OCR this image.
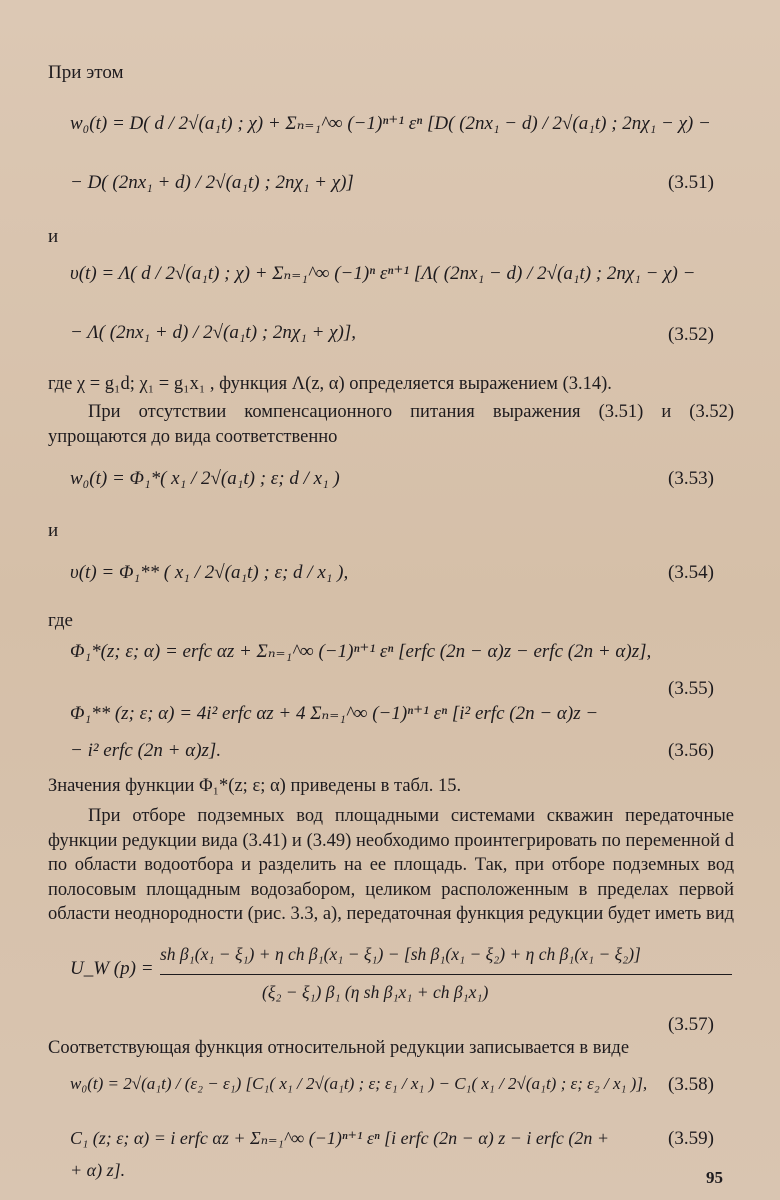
При этом
w₀(t) = D( d / 2√(a₁t) ; χ) + Σₙ₌₁^∞ (−1)ⁿ⁺¹ εⁿ [D( (2nx₁ − d) / 2√(a₁t) ; 2nχ₁ − χ) −
− D( (2nx₁ + d) / 2√(a₁t) ; 2nχ₁ + χ)]	(3.51)
и
υ(t) = Λ( d / 2√(a₁t) ; χ) + Σₙ₌₁^∞ (−1)ⁿ εⁿ⁺¹ [Λ( (2nx₁ − d) / 2√(a₁t) ; 2nχ₁ − χ) −
− Λ( (2nx₁ + d) / 2√(a₁t) ; 2nχ₁ + χ)],	(3.52)
где χ = g₁d; χ₁ = g₁x₁ , функция Λ(z, α) определяется выражением (3.14).
При отсутствии компенсационного питания выражения (3.51) и (3.52) упрощаются до вида соответственно
w₀(t) = Φ₁*( x₁ / 2√(a₁t) ; ε; d / x₁ )	(3.53)
и
υ(t) = Φ₁** ( x₁ / 2√(a₁t) ; ε; d / x₁ ),	(3.54)
где
Φ₁*(z; ε; α) = erfc αz + Σₙ₌₁^∞ (−1)ⁿ⁺¹ εⁿ [erfc (2n − α)z − erfc (2n + α)z],
(3.55)
Φ₁** (z; ε; α) = 4i² erfc αz + 4 Σₙ₌₁^∞ (−1)ⁿ⁺¹ εⁿ [i² erfc (2n − α)z −
− i² erfc (2n + α)z].	(3.56)
Значения функции Φ₁*(z; ε; α) приведены в табл. 15.
При отборе подземных вод площадными системами скважин передаточные функции редукции вида (3.41) и (3.49) необходимо проинтегрировать по переменной d по области водоотбора и разделить на ее площадь. Так, при отборе подземных вод полосовым площадным водозабором, целиком расположенным в пределах первой области неоднородности (рис. 3.3, а), передаточная функция редукции будет иметь вид
U_W (p) =
sh β₁(x₁ − ξ₁) + η ch β₁(x₁ − ξ₁) − [sh β₁(x₁ − ξ₂) + η ch β₁(x₁ − ξ₂)]
(ξ₂ − ξ₁) β₁ (η sh β₁x₁ + ch β₁x₁)
(3.57)
Соответствующая функция относительной редукции записывается в виде
w₀(t) = 2√(a₁t) / (ε₂ − ε₁) [C₁( x₁ / 2√(a₁t) ; ε; ε₁ / x₁ ) − C₁( x₁ / 2√(a₁t) ; ε; ε₂ / x₁ )], (3.58)
C₁ (z; ε; α) = i erfc αz + Σₙ₌₁^∞ (−1)ⁿ⁺¹ εⁿ [i erfc (2n − α) z − i erfc (2n +
+ α) z].
(3.59)
95
